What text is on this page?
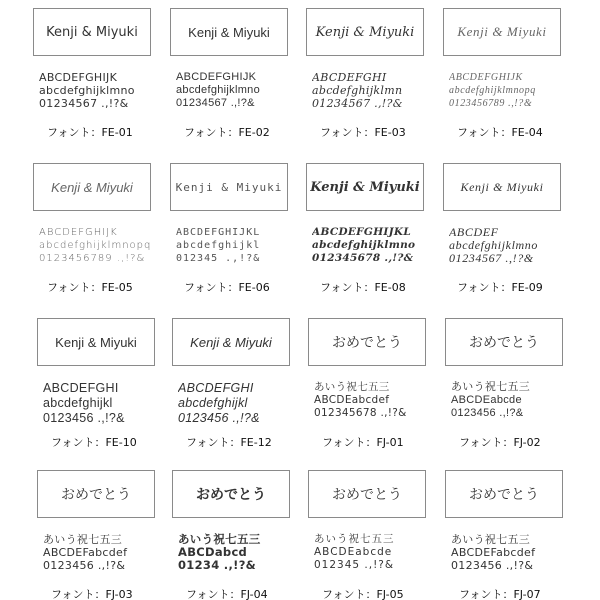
Kenji & Miyuki
ABCDEFGHIJK
abcdefghijklmno
01234567 .,!?&
フォント：FE-01
Kenji & Miyuki
ABCDEFGHIJK
abcdefghijklmno
01234567 .,!?&
フォント：FE-02
Kenji & Miyuki
ABCDEFGHI
abcdefghijklmn
01234567 .,!?&
フォント：FE-03
Kenji & Miyuki
ABCDEFGHIJK
abcdefghijklmnopq
0123456789 .,!?&
フォント：FE-04
Kenji & Miyuki
ABCDEFGHIJK
abcdefghijklmnopq
0123456789 .,!?&
フォント：FE-05
Kenji & Miyuki
ABCDEFGHIJKL
abcdefghijkl
012345 .,!?&
フォント：FE-06
Kenji & Miyuki
ABCDEFGHIJKL
abcdefghijklmno
012345678 .,!?&
フォント：FE-08
Kenji & Miyuki
ABCDEF
abcdefghijklmno
01234567 .,!?&
フォント：FE-09
Kenji & Miyuki
ABCDEFGHI
abcdefghijkl
0123456 .,!?&
フォント：FE-10
Kenji & Miyuki
ABCDEFGHI
abcdefghijkl
0123456 .,!?&
フォント：FE-12
おめでとう
あいう祝七五三
ABCDEabcdef
012345678 .,!?&
フォント：FJ-01
おめでとう
あいう祝七五三
ABCDEabcde
0123456 .,!?&
フォント：FJ-02
おめでとう
あいう祝七五三
ABCDEFabcdef
0123456 .,!?&
フォント：FJ-03
おめでとう
あいう祝七五三
ABCDabcd
01234 .,!?&
フォント：FJ-04
おめでとう
あいう祝七五三
ABCDEabcde
012345 .,!?&
フォント：FJ-05
おめでとう
あいう祝七五三
ABCDEFabcdef
0123456 .,!?&
フォント：FJ-07
